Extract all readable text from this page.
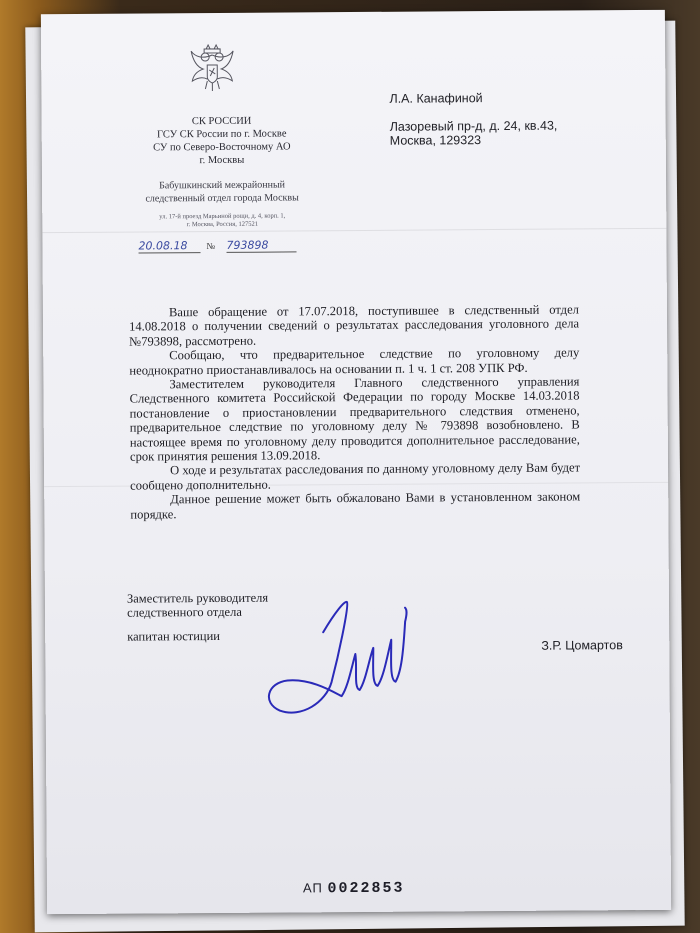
СК РОССИИ
ГСУ СК России по г. Москве
СУ по Северо-Восточному АО
г. Москвы
Бабушкинский межрайонный
следственный отдел города Москвы
ул. 17-й проезд Марьиной рощи, д. 4, корп. 1,
г. Москва, Россия, 127521
20.08.18	№ 793898
Л.А. Канафиной
Лазоревый пр-д, д. 24, кв.43,
Москва, 129323

Ваше обращение от 17.07.2018, поступившее в следственный отдел 14.08.2018 о получении сведений о результатах расследования уголовного дела №793898, рассмотрено.

Сообщаю, что предварительное следствие по уголовному делу неоднократно приостанавливалось на основании п. 1 ч. 1 ст. 208 УПК РФ.

Заместителем руководителя Главного следственного управления Следственного комитета Российской Федерации по городу Москве 14.03.2018 постановление о приостановлении предварительного следствия отменено, предварительное следствие по уголовному делу № 793898 возобновлено. В настоящее время по уголовному делу проводится дополнительное расследование, срок принятия решения 13.09.2018.

О ходе и результатах расследования по данному уголовному делу Вам будет сообщено дополнительно.

Данное решение может быть обжаловано Вами в установленном законом порядке.

Заместитель руководителя
следственного отдела
капитан юстиции
З.Р. Цомартов
АП 0022853
